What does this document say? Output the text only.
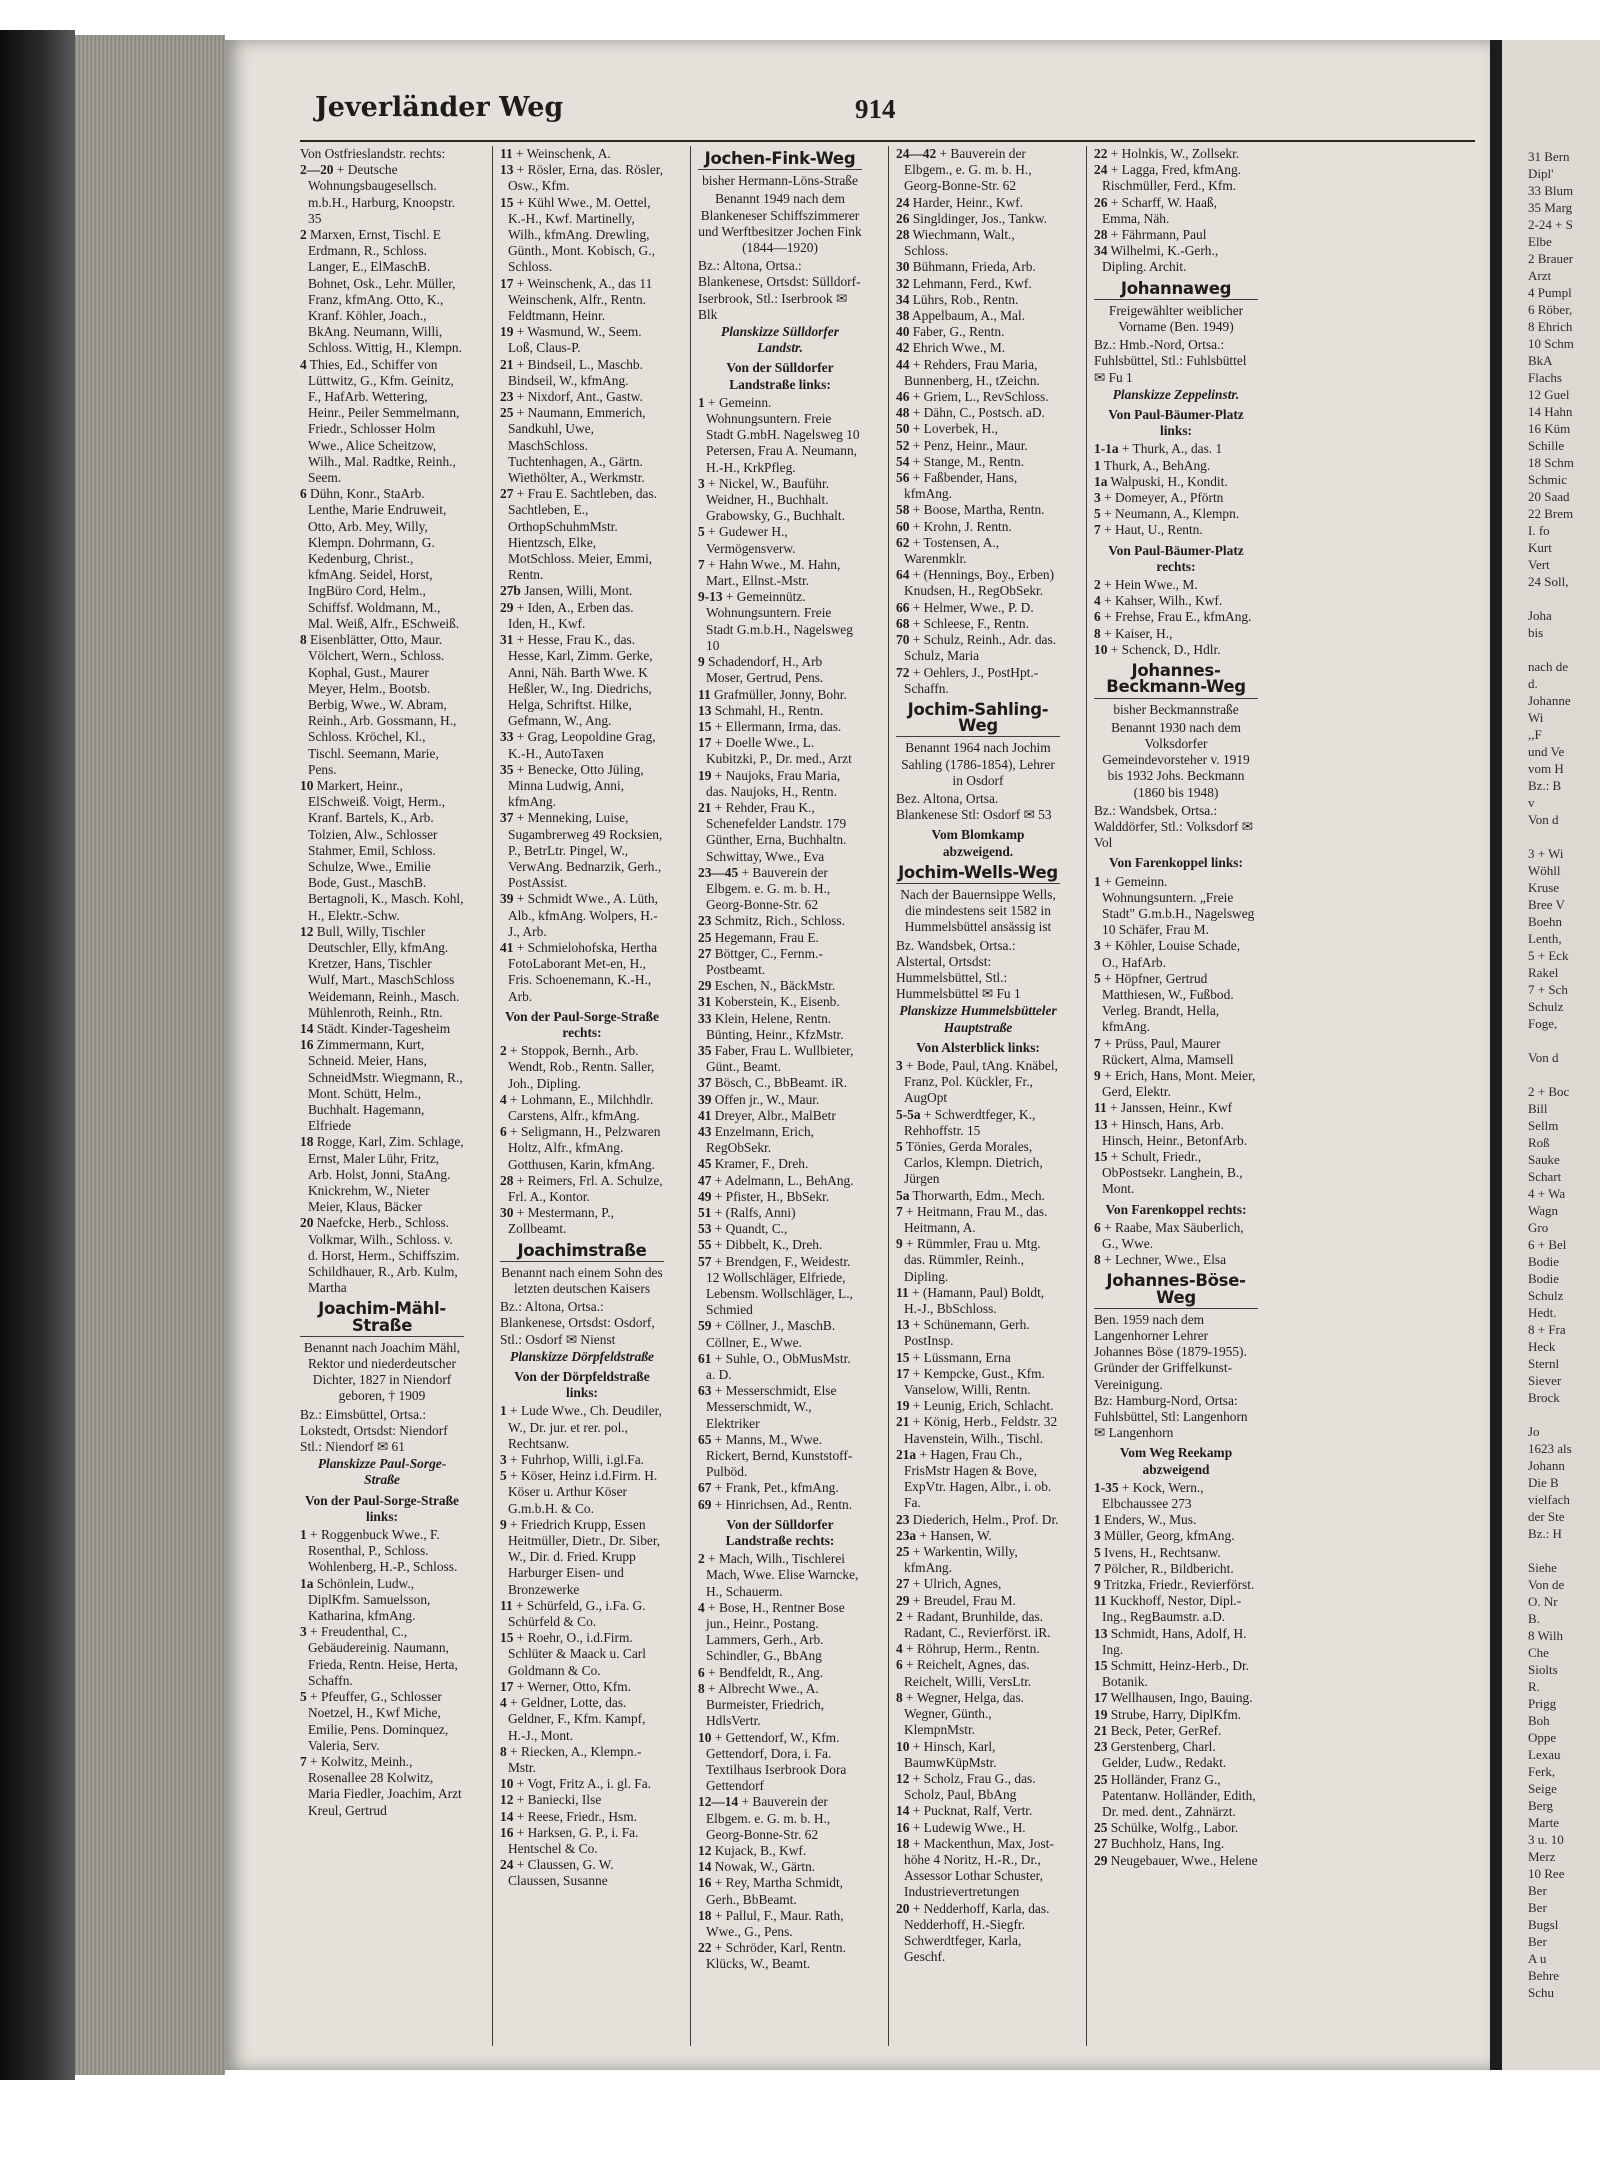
31 Bern
Dipl'
33 Blum
35 Marg
2-24 + S
Elbe
2 Brauer
Arzt
4 Pumpl
6 Röber,
8 Ehrich
10 Schm
BkA
Flachs
12 Guel
14 Hahn
16 Küm
Schille
18 Schm
Schmic
20 Saad
22 Brem
I. fo
Kurt
Vert
24 Soll,

Joha
bis

nach de
d.
Johanne
Wi
,,F
und Ve
vom H
Bz.: B
v
Von d

3 + Wi
Wöhll
Kruse
Bree V
Boehn
Lenth,
5 + Eck
Rakel
7 + Sch
Schulz
Foge,

Von d

2 + Boc
Bill
Sellm
Roß
Sauke
Schart
4 + Wa
Wagn
Gro
6 + Bel
Bodie
Bodie
Schulz
Hedt.
8 + Fra
Heck
Sternl
Siever
Brock

Jo
1623 als
Johann
Die B
vielfach
der Ste
Bz.: H

Siehe
Von de
O. Nr
B.
8 Wilh
Che
Siolts
R.
Prigg
Boh
Oppe
Lexau
Ferk,
Seige
Berg
Marte
3 u. 10
Merz
10 Ree
Ber
Ber
Bugsl
Ber
A u
Behre
Schu
Jeverländer Weg	914
Von Ostfrieslandstr. rechts:
2—20 + Deutsche Wohnungsbaugesellsch. m.b.H., Harburg, Knoopstr. 35
2 Marxen, Ernst, Tischl. E Erdmann, R., Schloss. Langer, E., ElMaschB. Bohnet, Osk., Lehr. Müller, Franz, kfmAng. Otto, K., Kranf. Köhler, Joach., BkAng. Neumann, Willi, Schloss. Wittig, H., Klempn.
4 Thies, Ed., Schiffer von Lüttwitz, G., Kfm. Geinitz, F., HafArb. Wettering, Heinr., Peiler Semmelmann, Friedr., Schlosser Holm Wwe., Alice Scheitzow, Wilh., Mal. Radtke, Reinh., Seem.
6 Dühn, Konr., StaArb. Lenthe, Marie Endruweit, Otto, Arb. Mey, Willy, Klempn. Dohrmann, G. Kedenburg, Christ., kfmAng. Seidel, Horst, IngBüro Cord, Helm., Schiffsf. Woldmann, M., Mal. Weiß, Alfr., ESchweiß.
8 Eisenblätter, Otto, Maur. Völchert, Wern., Schloss. Kophal, Gust., Maurer Meyer, Helm., Bootsb. Berbig, Wwe., W. Abram, Reinh., Arb. Gossmann, H., Schloss. Kröchel, Kl., Tischl. Seemann, Marie, Pens.
10 Markert, Heinr., ElSchweiß. Voigt, Herm., Kranf. Bartels, K., Arb. Tolzien, Alw., Schlosser Stahmer, Emil, Schloss. Schulze, Wwe., Emilie Bode, Gust., MaschB. Bertagnoli, K., Masch. Kohl, H., Elektr.-Schw.
12 Bull, Willy, Tischler Deutschler, Elly, kfmAng. Kretzer, Hans, Tischler Wulf, Mart., MaschSchloss Weidemann, Reinh., Masch. Mühlenroth, Reinh., Rtn.
14 Städt. Kinder-Tagesheim
16 Zimmermann, Kurt, Schneid. Meier, Hans, SchneidMstr. Wiegmann, R., Mont. Schütt, Helm., Buchhalt. Hagemann, Elfriede
18 Rogge, Karl, Zim. Schlage, Ernst, Maler Lühr, Fritz, Arb. Holst, Jonni, StaAng. Knickrehm, W., Nieter Meier, Klaus, Bäcker
20 Naefcke, Herb., Schloss. Volkmar, Wilh., Schloss. v. d. Horst, Herm., Schiffszim. Schildhauer, R., Arb. Kulm, Martha
Joachim-Mähl-Straße
Benannt nach Joachim Mähl, Rektor und niederdeutscher Dichter, 1827 in Niendorf geboren, † 1909
Bz.: Eimsbüttel, Ortsa.: Lokstedt, Ortsdst: Niendorf Stl.: Niendorf ✉ 61
Planskizze Paul-Sorge-Straße
Von der Paul-Sorge-Straße links:
1 + Roggenbuck Wwe., F. Rosenthal, P., Schloss. Wohlenberg, H.-P., Schloss.
1a Schönlein, Ludw., DiplKfm. Samuelsson, Katharina, kfmAng.
3 + Freudenthal, C., Gebäudereinig. Naumann, Frieda, Rentn. Heise, Herta, Schaffn.
5 + Pfeuffer, G., Schlosser Noetzel, H., Kwf Miche, Emilie, Pens. Dominquez, Valeria, Serv.
7 + Kolwitz, Meinh., Rosenallee 28 Kolwitz, Maria Fiedler, Joachim, Arzt Kreul, Gertrud
11 + Weinschenk, A.
13 + Rösler, Erna, das. Rösler, Osw., Kfm.
15 + Kühl Wwe., M. Oettel, K.-H., Kwf. Martinelly, Wilh., kfmAng. Drewling, Günth., Mont. Kobisch, G., Schloss.
17 + Weinschenk, A., das 11 Weinschenk, Alfr., Rentn. Feldtmann, Heinr.
19 + Wasmund, W., Seem. Loß, Claus-P.
21 + Bindseil, L., Maschb. Bindseil, W., kfmAng.
23 + Nixdorf, Ant., Gastw.
25 + Naumann, Emmerich, Sandkuhl, Uwe, MaschSchloss. Tuchtenhagen, A., Gärtn. Wiethölter, A., Werkmstr.
27 + Frau E. Sachtleben, das. Sachtleben, E., OrthopSchuhmMstr. Hientzsch, Elke, MotSchloss. Meier, Emmi, Rentn.
27b Jansen, Willi, Mont.
29 + Iden, A., Erben das. Iden, H., Kwf.
31 + Hesse, Frau K., das. Hesse, Karl, Zimm. Gerke, Anni, Näh. Barth Wwe. K Heßler, W., Ing. Diedrichs, Helga, Schriftst. Hilke, Gefmann, W., Ang.
33 + Grag, Leopoldine Grag, K.-H., AutoTaxen
35 + Benecke, Otto Jüling, Minna Ludwig, Anni, kfmAng.
37 + Menneking, Luise, Sugambrerweg 49 Rocksien, P., BetrLtr. Pingel, W., VerwAng. Bednarzik, Gerh., PostAssist.
39 + Schmidt Wwe., A. Lüth, Alb., kfmAng. Wolpers, H.-J., Arb.
41 + Schmielohofska, Hertha FotoLaborant Met-en, H., Fris. Schoenemann, K.-H., Arb.
Von der Paul-Sorge-Straße rechts:
2 + Stoppok, Bernh., Arb. Wendt, Rob., Rentn. Saller, Joh., Dipling.
4 + Lohmann, E., Milchhdlr. Carstens, Alfr., kfmAng.
6 + Seligmann, H., Pelzwaren Holtz, Alfr., kfmAng. Gotthusen, Karin, kfmAng.
28 + Reimers, Frl. A. Schulze, Frl. A., Kontor.
30 + Mestermann, P., Zollbeamt.
Joachimstraße
Benannt nach einem Sohn des letzten deutschen Kaisers
Bz.: Altona, Ortsa.: Blankenese, Ortsdst: Osdorf, Stl.: Osdorf ✉ Nienst
Planskizze Dörpfeldstraße
Von der Dörpfeldstraße links:
1 + Lude Wwe., Ch. Deudiler, W., Dr. jur. et rer. pol., Rechtsanw.
3 + Fuhrhop, Willi, i.gl.Fa.
5 + Köser, Heinz i.d.Firm. H. Köser u. Arthur Köser G.m.b.H. & Co.
9 + Friedrich Krupp, Essen Heitmüller, Dietr., Dr. Siber, W., Dir. d. Fried. Krupp Harburger Eisen- und Bronzewerke
11 + Schürfeld, G., i.Fa. G. Schürfeld & Co.
15 + Roehr, O., i.d.Firm. Schlüter & Maack u. Carl Goldmann & Co.
17 + Werner, Otto, Kfm.
4 + Geldner, Lotte, das. Geldner, F., Kfm. Kampf, H.-J., Mont.
8 + Riecken, A., Klempn.-Mstr.
10 + Vogt, Fritz A., i. gl. Fa.
12 + Baniecki, Ilse
14 + Reese, Friedr., Hsm.
16 + Harksen, G. P., i. Fa. Hentschel & Co.
24 + Claussen, G. W. Claussen, Susanne
Jochen-Fink-Weg
bisher Hermann-Löns-Straße
Benannt 1949 nach dem Blankeneser Schiffszimmerer und Werftbesitzer Jochen Fink (1844—1920)
Bz.: Altona, Ortsa.: Blankenese, Ortsdst: Sülldorf-Iserbrook, Stl.: Iserbrook ✉ Blk
Planskizze Sülldorfer Landstr.
Von der Sülldorfer Landstraße links:
1 + Gemeinn. Wohnungsuntern. Freie Stadt G.mbH. Nagelsweg 10 Petersen, Frau A. Neumann, H.-H., KrkPfleg.
3 + Nickel, W., Bauführ. Weidner, H., Buchhalt. Grabowsky, G., Buchhalt.
5 + Gudewer H., Vermögensverw.
7 + Hahn Wwe., M. Hahn, Mart., Ellnst.-Mstr.
9-13 + Gemeinnütz. Wohnungsuntern. Freie Stadt G.m.b.H., Nagelsweg 10
9 Schadendorf, H., Arb Moser, Gertrud, Pens.
11 Grafmüller, Jonny, Bohr.
13 Schmahl, H., Rentn.
15 + Ellermann, Irma, das.
17 + Doelle Wwe., L. Kubitzki, P., Dr. med., Arzt
19 + Naujoks, Frau Maria, das. Naujoks, H., Rentn.
21 + Rehder, Frau K., Schenefelder Landstr. 179 Günther, Erna, Buchhaltn. Schwittay, Wwe., Eva
23—45 + Bauverein der Elbgem. e. G. m. b. H., Georg-Bonne-Str. 62
23 Schmitz, Rich., Schloss.
25 Hegemann, Frau E.
27 Böttger, C., Fernm.-Postbeamt.
29 Eschen, N., BäckMstr.
31 Koberstein, K., Eisenb.
33 Klein, Helene, Rentn. Bünting, Heinr., KfzMstr.
35 Faber, Frau L. Wullbieter, Günt., Beamt.
37 Bösch, C., BbBeamt. iR.
39 Offen jr., W., Maur.
41 Dreyer, Albr., MalBetr
43 Enzelmann, Erich, RegObSekr.
45 Kramer, F., Dreh.
47 + Adelmann, L., BehAng.
49 + Pfister, H., BbSekr.
51 + (Ralfs, Anni)
53 + Quandt, C.,
55 + Dibbelt, K., Dreh.
57 + Brendgen, F., Weidestr. 12 Wollschläger, Elfriede, Lebensm. Wollschläger, L., Schmied
59 + Cöllner, J., MaschB. Cöllner, E., Wwe.
61 + Suhle, O., ObMusMstr. a. D.
63 + Messerschmidt, Else Messerschmidt, W., Elektriker
65 + Manns, M., Wwe. Rickert, Bernd, Kunststoff-Pulböd.
67 + Frank, Pet., kfmAng.
69 + Hinrichsen, Ad., Rentn.
Von der Sülldorfer Landstraße rechts:
2 + Mach, Wilh., Tischlerei Mach, Wwe. Elise Warncke, H., Schauerm.
4 + Bose, H., Rentner Bose jun., Heinr., Postang. Lammers, Gerh., Arb. Schindler, G., BbAng
6 + Bendfeldt, R., Ang.
8 + Albrecht Wwe., A. Burmeister, Friedrich, HdlsVertr.
10 + Gettendorf, W., Kfm. Gettendorf, Dora, i. Fa. Textilhaus Iserbrook Dora Gettendorf
12—14 + Bauverein der Elbgem. e. G. m. b. H., Georg-Bonne-Str. 62
12 Kujack, B., Kwf.
14 Nowak, W., Gärtn.
16 + Rey, Martha Schmidt, Gerh., BbBeamt.
18 + Pallul, F., Maur. Rath, Wwe., G., Pens.
22 + Schröder, Karl, Rentn. Klücks, W., Beamt.
24—42 + Bauverein der Elbgem., e. G. m. b. H., Georg-Bonne-Str. 62
24 Harder, Heinr., Kwf.
26 Singldinger, Jos., Tankw.
28 Wiechmann, Walt., Schloss.
30 Bühmann, Frieda, Arb.
32 Lehmann, Ferd., Kwf.
34 Lührs, Rob., Rentn.
38 Appelbaum, A., Mal.
40 Faber, G., Rentn.
42 Ehrich Wwe., M.
44 + Rehders, Frau Maria, Bunnenberg, H., tZeichn.
46 + Griem, L., RevSchloss.
48 + Dähn, C., Postsch. aD.
50 + Loverbek, H.,
52 + Penz, Heinr., Maur.
54 + Stange, M., Rentn.
56 + Faßbender, Hans, kfmAng.
58 + Boose, Martha, Rentn.
60 + Krohn, J. Rentn.
62 + Tostensen, A., Warenmklr.
64 + (Hennings, Boy., Erben) Knudsen, H., RegObSekr.
66 + Helmer, Wwe., P. D.
68 + Schleese, F., Rentn.
70 + Schulz, Reinh., Adr. das. Schulz, Maria
72 + Oehlers, J., PostHpt.-Schaffn.
Jochim-Sahling-Weg
Benannt 1964 nach Jochim Sahling (1786-1854), Lehrer in Osdorf
Bez. Altona, Ortsa. Blankenese Stl: Osdorf ✉ 53
Vom Blomkamp abzweigend.
Jochim-Wells-Weg
Nach der Bauernsippe Wells, die mindestens seit 1582 in Hummelsbüttel ansässig ist
Bz. Wandsbek, Ortsa.: Alstertal, Ortsdst: Hummelsbüttel, Stl.: Hummelsbüttel ✉ Fu 1
Planskizze Hummelsbütteler Hauptstraße
Von Alsterblick links:
3 + Bode, Paul, tAng. Knäbel, Franz, Pol. Kückler, Fr., AugOpt
5-5a + Schwerdtfeger, K., Rehhoffstr. 15
5 Tönies, Gerda Morales, Carlos, Klempn. Dietrich, Jürgen
5a Thorwarth, Edm., Mech.
7 + Heitmann, Frau M., das. Heitmann, A.
9 + Rümmler, Frau u. Mtg. das. Rümmler, Reinh., Dipling.
11 + (Hamann, Paul) Boldt, H.-J., BbSchloss.
13 + Schünemann, Gerh. PostInsp.
15 + Lüssmann, Erna
17 + Kempcke, Gust., Kfm. Vanselow, Willi, Rentn.
19 + Leunig, Erich, Schlacht.
21 + König, Herb., Feldstr. 32 Havenstein, Wilh., Tischl.
21a + Hagen, Frau Ch., FrisMstr Hagen & Bove, ExpVtr. Hagen, Albr., i. ob. Fa.
23 Diederich, Helm., Prof. Dr.
23a + Hansen, W.
25 + Warkentin, Willy, kfmAng.
27 + Ulrich, Agnes,
29 + Breudel, Frau M.
2 + Radant, Brunhilde, das. Radant, C., Revierförst. iR.
4 + Röhrup, Herm., Rentn.
6 + Reichelt, Agnes, das. Reichelt, Willi, VersLtr.
8 + Wegner, Helga, das. Wegner, Günth., KlempnMstr.
10 + Hinsch, Karl, BaumwKüpMstr.
12 + Scholz, Frau G., das. Scholz, Paul, BbAng
14 + Pucknat, Ralf, Vertr.
16 + Ludewig Wwe., H.
18 + Mackenthun, Max, Jost-höhe 4 Noritz, H.-R., Dr., Assessor Lothar Schuster, Industrievertretungen
20 + Nedderhoff, Karla, das. Nedderhoff, H.-Siegfr. Schwerdtfeger, Karla, Geschf.
22 + Holnkis, W., Zollsekr.
24 + Lagga, Fred, kfmAng. Rischmüller, Ferd., Kfm.
26 + Scharff, W. Haaß, Emma, Näh.
28 + Fährmann, Paul
34 Wilhelmi, K.-Gerh., Dipling. Archit.
Johannaweg
Freigewählter weiblicher Vorname (Ben. 1949)
Bz.: Hmb.-Nord, Ortsa.: Fuhlsbüttel, Stl.: Fuhlsbüttel ✉ Fu 1
Planskizze Zeppelinstr.
Von Paul-Bäumer-Platz links:
1-1a + Thurk, A., das. 1
1 Thurk, A., BehAng.
1a Walpuski, H., Kondit.
3 + Domeyer, A., Pförtn
5 + Neumann, A., Klempn.
7 + Haut, U., Rentn.
Von Paul-Bäumer-Platz rechts:
2 + Hein Wwe., M.
4 + Kahser, Wilh., Kwf.
6 + Frehse, Frau E., kfmAng.
8 + Kaiser, H.,
10 + Schenck, D., Hdlr.
Johannes-Beckmann-Weg
bisher Beckmannstraße
Benannt 1930 nach dem Volksdorfer Gemeindevorsteher v. 1919 bis 1932 Johs. Beckmann (1860 bis 1948)
Bz.: Wandsbek, Ortsa.: Walddörfer, Stl.: Volksdorf ✉ Vol
Von Farenkoppel links:
1 + Gemeinn. Wohnungsuntern. „Freie Stadt" G.m.b.H., Nagelsweg 10 Schäfer, Frau M.
3 + Köhler, Louise Schade, O., HafArb.
5 + Höpfner, Gertrud Matthiesen, W., Fußbod. Verleg. Brandt, Hella, kfmAng.
7 + Prüss, Paul, Maurer Rückert, Alma, Mamsell
9 + Erich, Hans, Mont. Meier, Gerd, Elektr.
11 + Janssen, Heinr., Kwf
13 + Hinsch, Hans, Arb. Hinsch, Heinr., BetonfArb.
15 + Schult, Friedr., ObPostsekr. Langhein, B., Mont.
Von Farenkoppel rechts:
6 + Raabe, Max Säuberlich, G., Wwe.
8 + Lechner, Wwe., Elsa
Johannes-Böse-Weg
Ben. 1959 nach dem Langenhorner Lehrer Johannes Böse (1879-1955). Gründer der Griffelkunst-Vereinigung.
Bz: Hamburg-Nord, Ortsa: Fuhlsbüttel, Stl: Langenhorn ✉ Langenhorn
Vom Weg Reekamp abzweigend
1-35 + Kock, Wern., Elbchaussee 273
1 Enders, W., Mus.
3 Müller, Georg, kfmAng.
5 Ivens, H., Rechtsanw.
7 Pölcher, R., Bildbericht.
9 Tritzka, Friedr., Revierförst.
11 Kuckhoff, Nestor, Dipl.-Ing., RegBaumstr. a.D.
13 Schmidt, Hans, Adolf, H. Ing.
15 Schmitt, Heinz-Herb., Dr. Botanik.
17 Wellhausen, Ingo, Bauing.
19 Strube, Harry, DiplKfm.
21 Beck, Peter, GerRef.
23 Gerstenberg, Charl. Gelder, Ludw., Redakt.
25 Holländer, Franz G., Patentanw. Holländer, Edith, Dr. med. dent., Zahnärzt.
25 Schülke, Wolfg., Labor.
27 Buchholz, Hans, Ing.
29 Neugebauer, Wwe., Helene
